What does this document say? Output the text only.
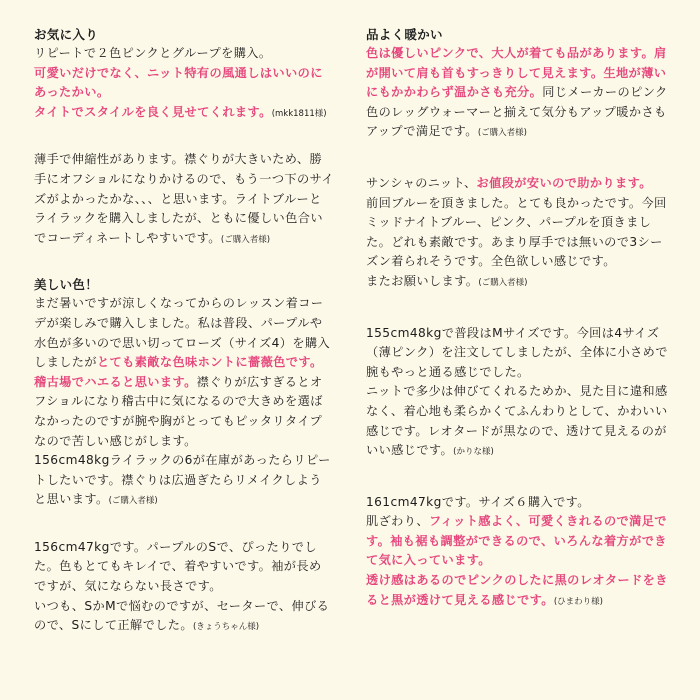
お気に入り

リピートで２色ピンクとグループを購入。
可愛いだけでなく、ニット特有の風通しはいいのにあったかい。
タイトでスタイルを良く見せてくれます。(mkk1811様)

薄手で伸縮性があります。襟ぐりが大きいため、勝手にオフショルになりかけるので、もう一つ下のサイズがよかったかな、、、と思います。ライトブルーとライラックを購入しましたが、ともに優しい色合いでコーディネートしやすいです。(ご購入者様)

美しい色！

まだ暑いですが涼しくなってからのレッスン着コーデが楽しみで購入しました。私は普段、パープルや水色が多いので思い切ってローズ（サイズ4）を購入しましたがとても素敵な色味ホントに薔薇色です。稽古場でハエると思います。襟ぐりが広すぎるとオフショルになり稽古中に気になるので大きめを選ばなかったのですが腕や胸がとってもピッタリタイプなので苦しい感じがします。
156cm48kgライラックの6が在庫があったらリピートしたいです。襟ぐりは広過ぎたらリメイクしようと思います。(ご購入者様)

156cm47kgです。パープルのSで、ぴったりでした。色もとてもキレイで、着やすいです。袖が長めですが、気にならない長さです。
いつも、SかMで悩むのですが、セーターで、伸びるので、Sにして正解でした。(きょうちゃん様)

品よく暖かい

色は優しいピンクで、大人が着ても品があります。肩が開いて肩も首もすっきりして見えます。生地が薄いにもかかわらず温かさも充分。同じメーカーのピンク色のレッグウォーマーと揃えて気分もアップ暖かさもアップで満足です。(ご購入者様)

サンシャのニット、お値段が安いので助かります。
前回ブルーを頂きました。とても良かったです。今回ミッドナイトブルー、ピンク、パープルを頂きました。どれも素敵です。あまり厚手では無いので3シーズン着られそうです。全色欲しい感じです。
またお願いします。(ご購入者様)

155cm48kgで普段はMサイズです。今回は4サイズ（薄ピンク）を注文してしましたが、全体に小さめで腕もやっと通る感じでした。
ニットで多少は伸びてくれるためか、見た目に違和感なく、着心地も柔らかくてふんわりとして、かわいい感じです。レオタードが黒なので、透けて見えるのがいい感じです。(かりな様)

161cm47kgです。サイズ６購入です。
肌ざわり、フィット感よく、可愛くきれるので満足です。袖も裾も調整ができるので、いろんな着方ができて気に入っています。
透け感はあるのでピンクのしたに黒のレオタードをきると黒が透けて見える感じです。(ひまわり様)
